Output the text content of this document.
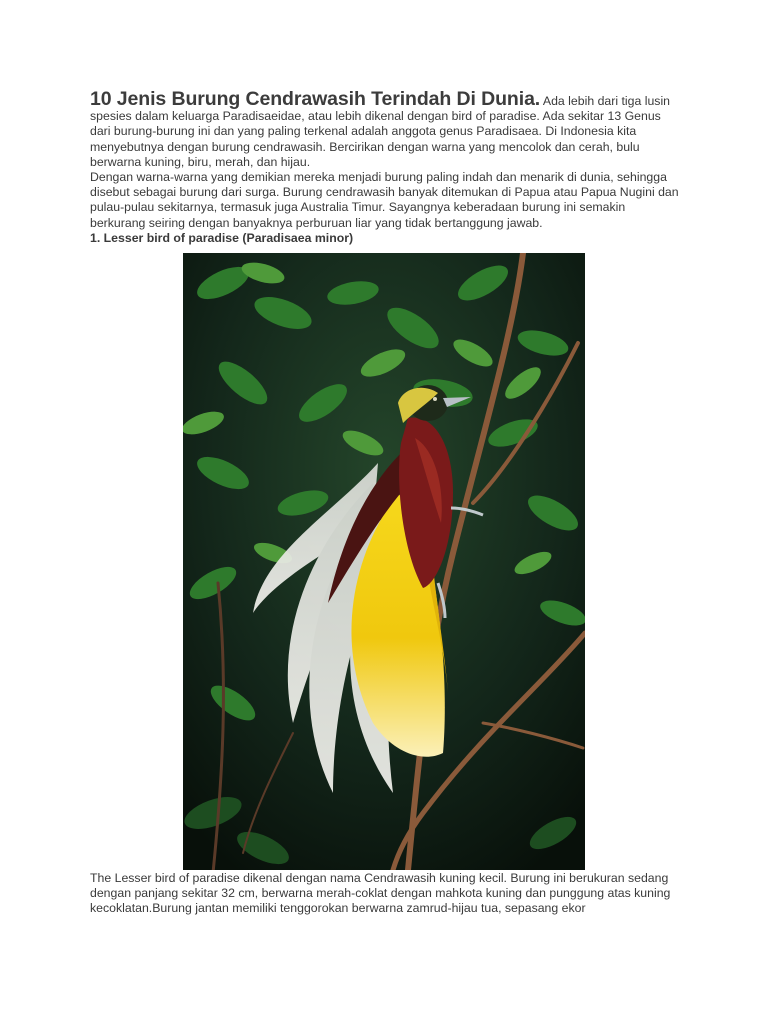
10 Jenis Burung Cendrawasih Terindah Di Dunia. Ada lebih dari tiga lusin spesies dalam keluarga Paradisaeidae, atau lebih dikenal dengan bird of paradise. Ada sekitar 13 Genus dari burung-burung ini dan yang paling terkenal adalah anggota genus Paradisaea. Di Indonesia kita menyebutnya dengan burung cendrawasih. Bercirikan dengan warna yang mencolok dan cerah, bulu berwarna kuning, biru, merah, dan hijau.

Dengan warna-warna yang demikian mereka menjadi burung paling indah dan menarik di dunia, sehingga disebut sebagai burung dari surga. Burung cendrawasih banyak ditemukan di Papua atau Papua Nugini dan pulau-pulau sekitarnya, termasuk juga Australia Timur. Sayangnya keberadaan burung ini semakin berkurang seiring dengan banyaknya perburuan liar yang tidak bertanggung jawab.

1. Lesser bird of paradise (Paradisaea minor)

The Lesser bird of paradise dikenal dengan nama Cendrawasih kuning kecil. Burung ini berukuran sedang dengan panjang sekitar 32 cm, berwarna merah-coklat dengan mahkota kuning dan punggung atas kuning kecoklatan.Burung jantan memiliki tenggorokan berwarna zamrud-hijau tua, sepasang ekor
